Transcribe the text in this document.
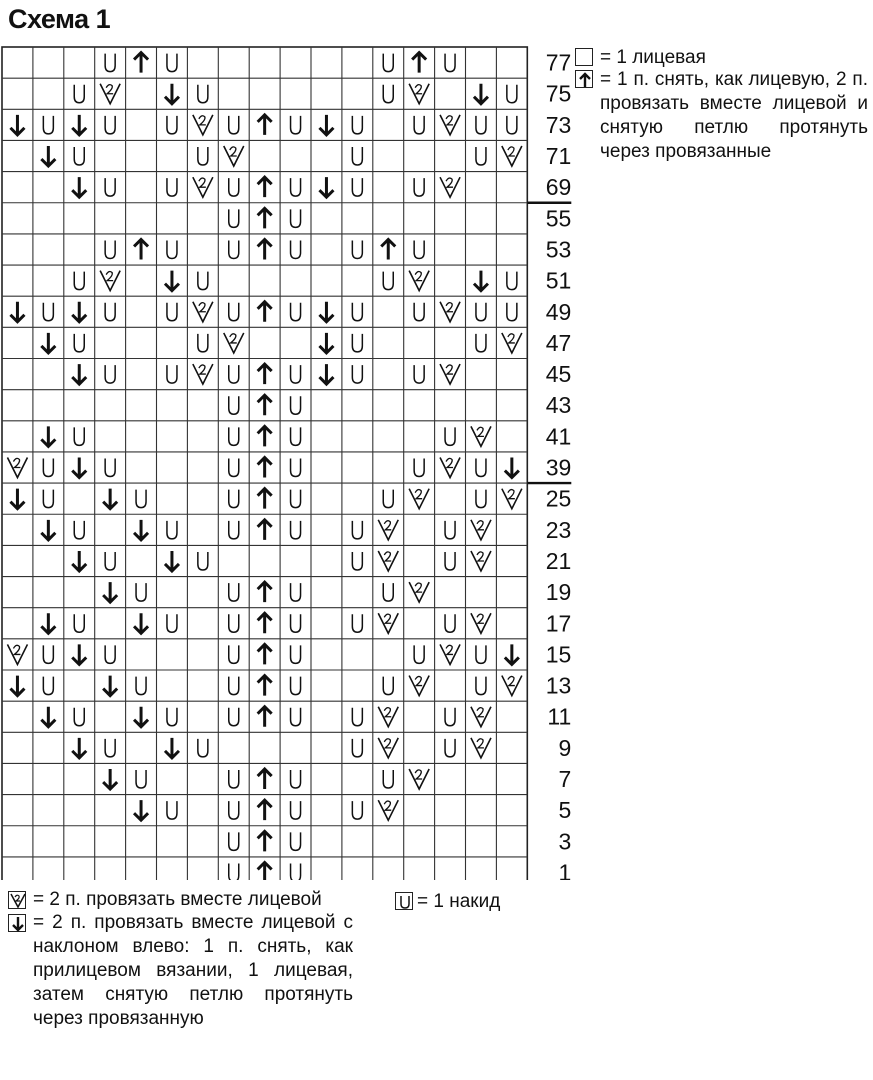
Схема 1
77
75
73
71
69
55
53
51
49
47
45
43
41
39
25
23
21
19
17
15
13
11
9
7
5
3
1
= 1 лицевая
= 1 п. снять, как лицевую, 2 п. провязать вместе лицевой и снятую петлю протянуть через провязанные
= 2 п. провязать вместе лицевой
= 2 п. провязать вместе лицевой с наклоном влево: 1 п. снять, как прилицевом вязании, 1 лицевая, затем снятую петлю протянуть через провязанную
= 1 накид
